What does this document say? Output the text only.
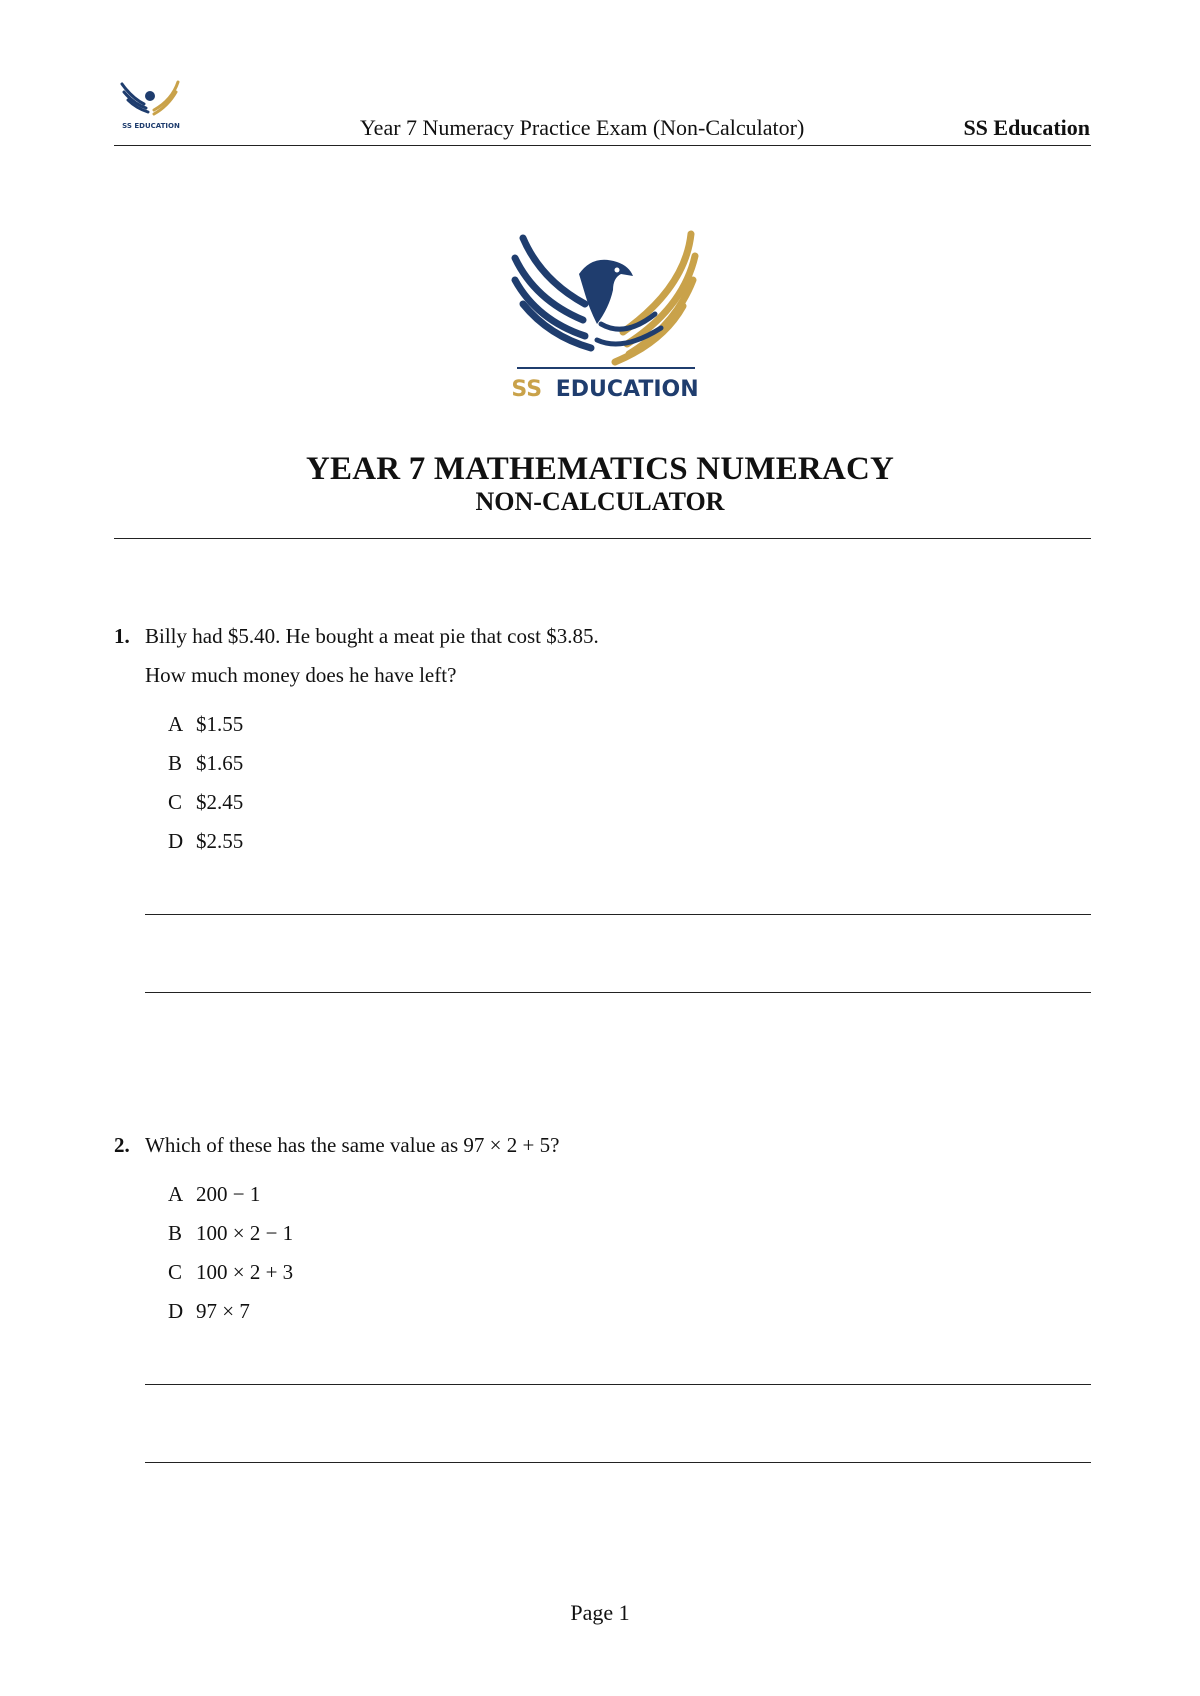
SS EDUCATION	Year 7 Numeracy Practice Exam (Non-Calculator)	SS Education
SS EDUCATION
YEAR 7 MATHEMATICS NUMERACY
NON-CALCULATOR
1. Billy had $5.40. He bought a meat pie that cost $3.85.
How much money does he have left?
A $1.55
B $1.65
C $2.45
D $2.55
2. Which of these has the same value as 97 × 2 + 5?
A 200 − 1
B 100 × 2 − 1
C 100 × 2 + 3
D 97 × 7
Page 1
